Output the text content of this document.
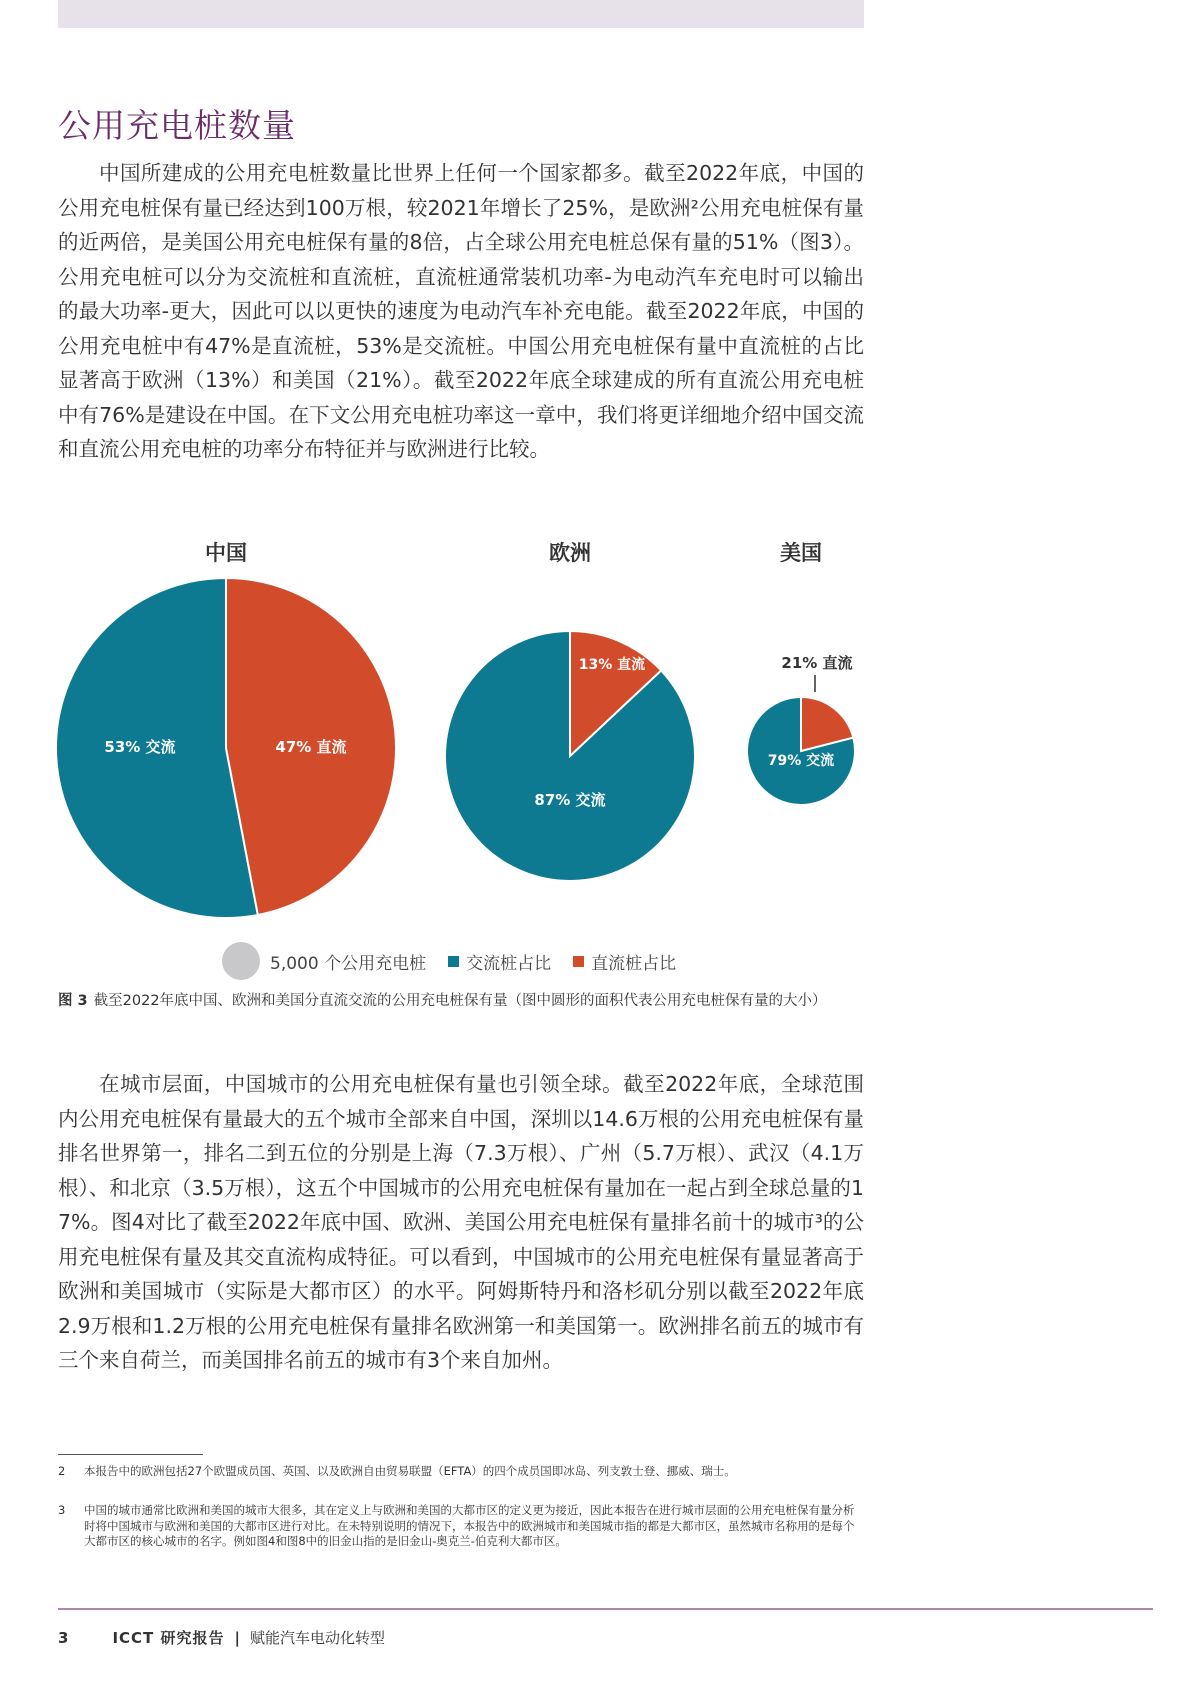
公用充电桩数量

中国所建成的公用充电桩数量比世界上任何一个国家都多。截至2022年底，中国的公用充电桩保有量已经达到100万根，较2021年增长了25%，是欧洲²公用充电桩保有量的近两倍，是美国公用充电桩保有量的8倍，占全球公用充电桩总保有量的51%（图3）。公用充电桩可以分为交流桩和直流桩，直流桩通常装机功率-为电动汽车充电时可以输出的最大功率-更大，因此可以以更快的速度为电动汽车补充电能。截至2022年底，中国的公用充电桩中有47%是直流桩，53%是交流桩。中国公用充电桩保有量中直流桩的占比显著高于欧洲（13%）和美国（21%）。截至2022年底全球建成的所有直流公用充电桩中有76%是建设在中国。在下文公用充电桩功率这一章中，我们将更详细地介绍中国交流和直流公用充电桩的功率分布特征并与欧洲进行比较。

中国	欧洲	美国
53% 交流	47% 直流
13% 直流
87% 交流
21% 直流
79% 交流
5,000 个公用充电桩 交流桩占比 直流桩占比
图 3 截至2022年底中国、欧洲和美国分直流交流的公用充电桩保有量（图中圆形的面积代表公用充电桩保有量的大小）

在城市层面，中国城市的公用充电桩保有量也引领全球。截至2022年底，全球范围内公用充电桩保有量最大的五个城市全部来自中国，深圳以14.6万根的公用充电桩保有量排名世界第一，排名二到五位的分别是上海（7.3万根）、广州（5.7万根）、武汉（4.1万根）、和北京（3.5万根），这五个中国城市的公用充电桩保有量加在一起占到全球总量的17%。图4对比了截至2022年底中国、欧洲、美国公用充电桩保有量排名前十的城市³的公用充电桩保有量及其交直流构成特征。可以看到，中国城市的公用充电桩保有量显著高于欧洲和美国城市（实际是大都市区）的水平。阿姆斯特丹和洛杉矶分别以截至2022年底2.9万根和1.2万根的公用充电桩保有量排名欧洲第一和美国第一。欧洲排名前五的城市有三个来自荷兰，而美国排名前五的城市有3个来自加州。

2	本报告中的欧洲包括27个欧盟成员国、英国、以及欧洲自由贸易联盟（EFTA）的四个成员国即冰岛、列支敦士登、挪威、瑞士。
3	中国的城市通常比欧洲和美国的城市大很多，其在定义上与欧洲和美国的大都市区的定义更为接近，因此本报告在进行城市层面的公用充电桩保有量分析时将中国城市与欧洲和美国的大都市区进行对比。在未特别说明的情况下，本报告中的欧洲城市和美国城市指的都是大都市区，虽然城市名称用的是每个大都市区的核心城市的名字。例如图4和图8中的旧金山指的是旧金山-奥克兰-伯克利大都市区。
3	ICCT 研究报告 | 赋能汽车电动化转型
